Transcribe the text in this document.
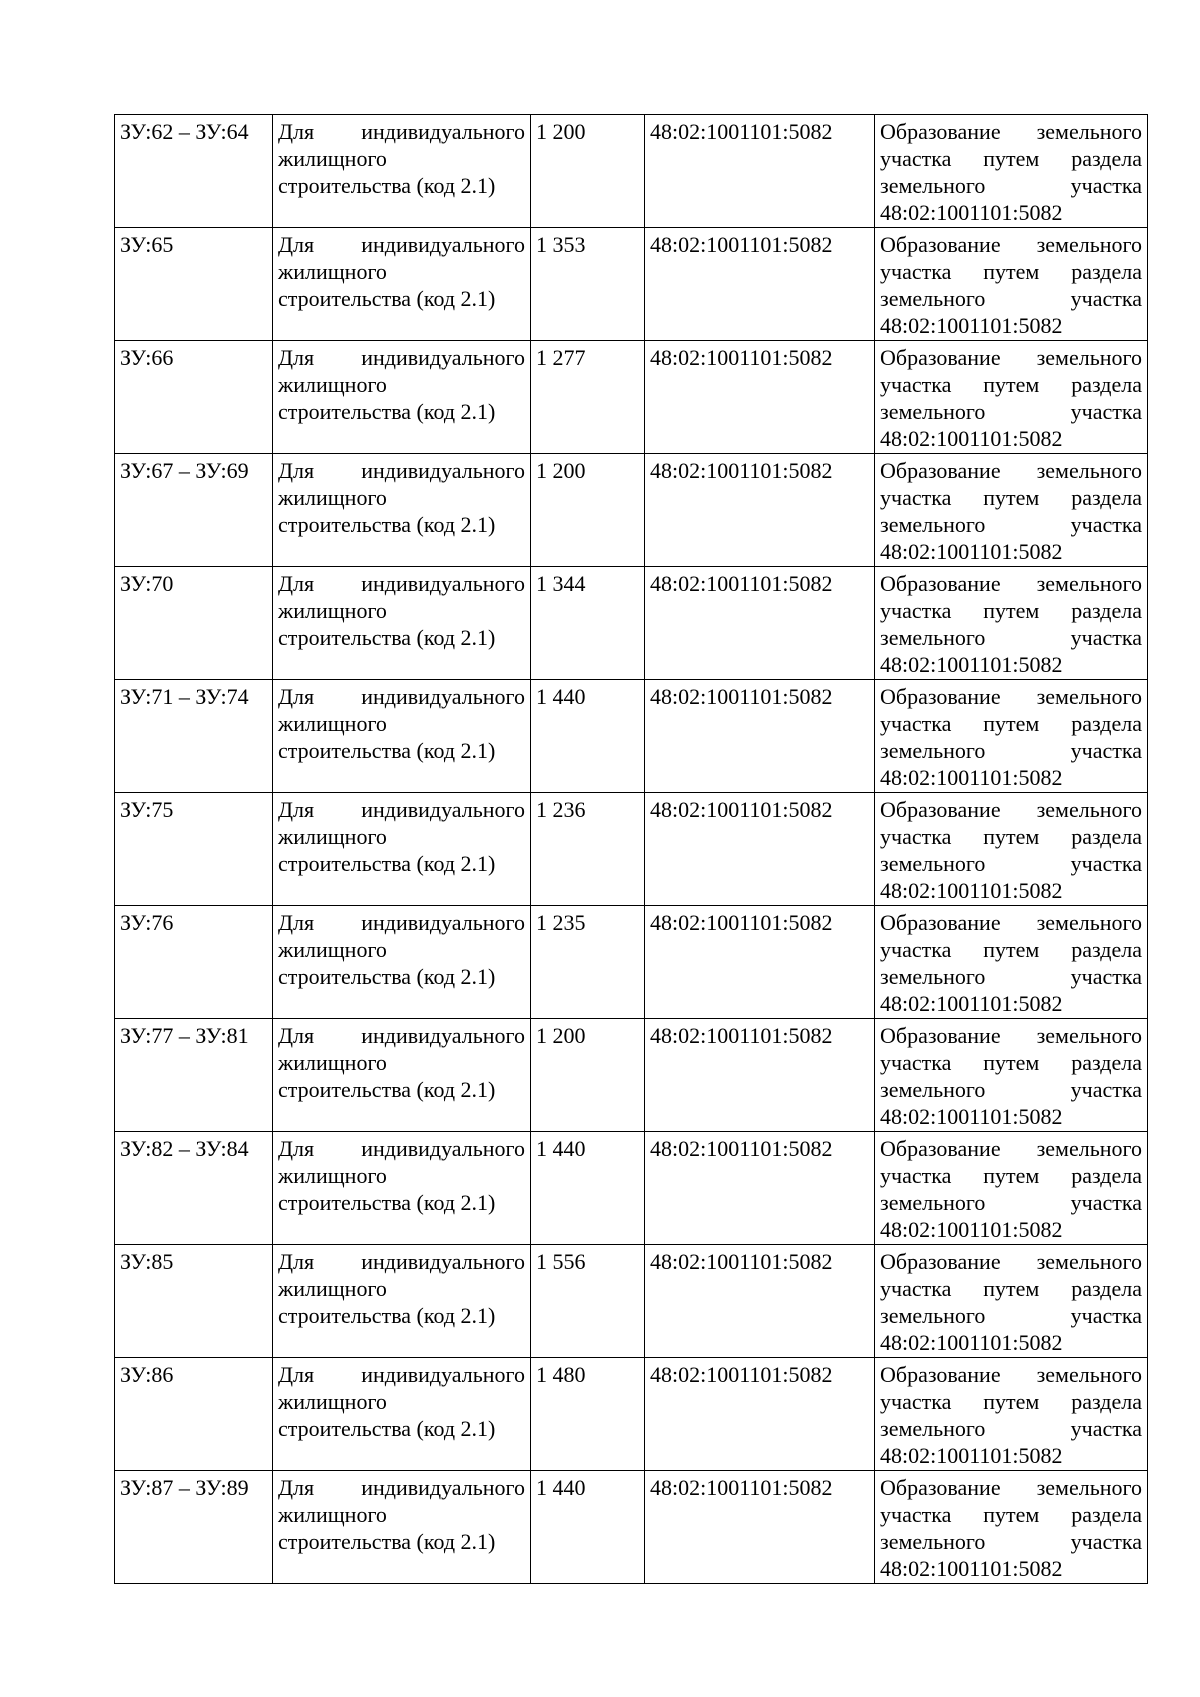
ЗУ:62 – ЗУ:64	Для индивидуального
жилищного
строительства (код 2.1)	1 200	48:02:1001101:5082	Образование земельного
участка путем раздела
земельного участка
48:02:1001101:5082

ЗУ:65	Для индивидуального
жилищного
строительства (код 2.1)	1 353	48:02:1001101:5082	Образование земельного
участка путем раздела
земельного участка
48:02:1001101:5082

ЗУ:66	Для индивидуального
жилищного
строительства (код 2.1)	1 277	48:02:1001101:5082	Образование земельного
участка путем раздела
земельного участка
48:02:1001101:5082

ЗУ:67 – ЗУ:69	Для индивидуального
жилищного
строительства (код 2.1)	1 200	48:02:1001101:5082	Образование земельного
участка путем раздела
земельного участка
48:02:1001101:5082

ЗУ:70	Для индивидуального
жилищного
строительства (код 2.1)	1 344	48:02:1001101:5082	Образование земельного
участка путем раздела
земельного участка
48:02:1001101:5082

ЗУ:71 – ЗУ:74	Для индивидуального
жилищного
строительства (код 2.1)	1 440	48:02:1001101:5082	Образование земельного
участка путем раздела
земельного участка
48:02:1001101:5082

ЗУ:75	Для индивидуального
жилищного
строительства (код 2.1)	1 236	48:02:1001101:5082	Образование земельного
участка путем раздела
земельного участка
48:02:1001101:5082

ЗУ:76	Для индивидуального
жилищного
строительства (код 2.1)	1 235	48:02:1001101:5082	Образование земельного
участка путем раздела
земельного участка
48:02:1001101:5082

ЗУ:77 – ЗУ:81	Для индивидуального
жилищного
строительства (код 2.1)	1 200	48:02:1001101:5082	Образование земельного
участка путем раздела
земельного участка
48:02:1001101:5082

ЗУ:82 – ЗУ:84	Для индивидуального
жилищного
строительства (код 2.1)	1 440	48:02:1001101:5082	Образование земельного
участка путем раздела
земельного участка
48:02:1001101:5082

ЗУ:85	Для индивидуального
жилищного
строительства (код 2.1)	1 556	48:02:1001101:5082	Образование земельного
участка путем раздела
земельного участка
48:02:1001101:5082

ЗУ:86	Для индивидуального
жилищного
строительства (код 2.1)	1 480	48:02:1001101:5082	Образование земельного
участка путем раздела
земельного участка
48:02:1001101:5082

ЗУ:87 – ЗУ:89	Для индивидуального
жилищного
строительства (код 2.1)	1 440	48:02:1001101:5082	Образование земельного
участка путем раздела
земельного участка
48:02:1001101:5082
